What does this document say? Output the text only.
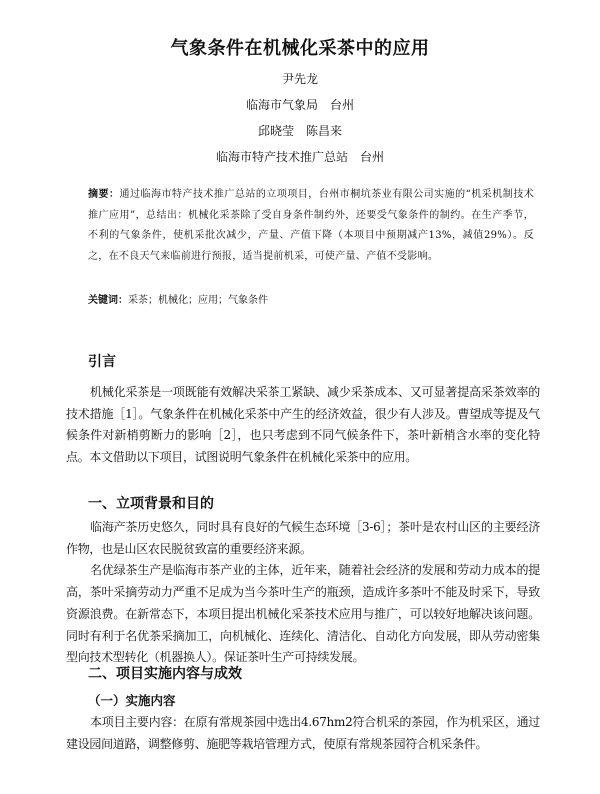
气象条件在机械化采茶中的应用
尹先龙
临海市气象局　台州
邱晓莹　陈昌来
临海市特产技术推广总站　台州
摘要：通过临海市特产技术推广总站的立项项目，台州市桐坑茶业有限公司实施的“机采机制技术推广应用”，总结出：机械化采茶除了受自身条件制约外，还要受气象条件的制约。在生产季节，不利的气象条件，使机采批次减少，产量、产值下降（本项目中预期减产13%，减值29%）。反之，在不良天气来临前进行预报，适当提前机采，可使产量、产值不受影响。
关键词：采茶；机械化；应用；气象条件
引言

机械化采茶是一项既能有效解决采茶工紧缺、减少采茶成本、又可显著提高采茶效率的技术措施［1］。气象条件在机械化采茶中产生的经济效益，很少有人涉及。曹望成等提及气候条件对新梢剪断力的影响［2］，也只考虑到不同气候条件下，茶叶新梢含水率的变化特点。本文借助以下项目，试图说明气象条件在机械化采茶中的应用。

一、立项背景和目的

临海产茶历史悠久，同时具有良好的气候生态环境［3-6］；茶叶是农村山区的主要经济作物，也是山区农民脱贫致富的重要经济来源。

名优绿茶生产是临海市茶产业的主体，近年来，随着社会经济的发展和劳动力成本的提高，茶叶采摘劳动力严重不足成为当今茶叶生产的瓶颈，造成许多茶叶不能及时采下，导致资源浪费。在新常态下，本项目提出机械化采茶技术应用与推广，可以较好地解决该问题。同时有利于名优茶采摘加工，向机械化、连续化、清洁化、自动化方向发展，即从劳动密集型向技术型转化（机器换人）。保证茶叶生产可持续发展。

二、项目实施内容与成效
（一）实施内容

本项目主要内容：在原有常规茶园中选出4.67hm2符合机采的茶园，作为机采区，通过建设园间道路，调整修剪、施肥等栽培管理方式，使原有常规茶园符合机采条件。
